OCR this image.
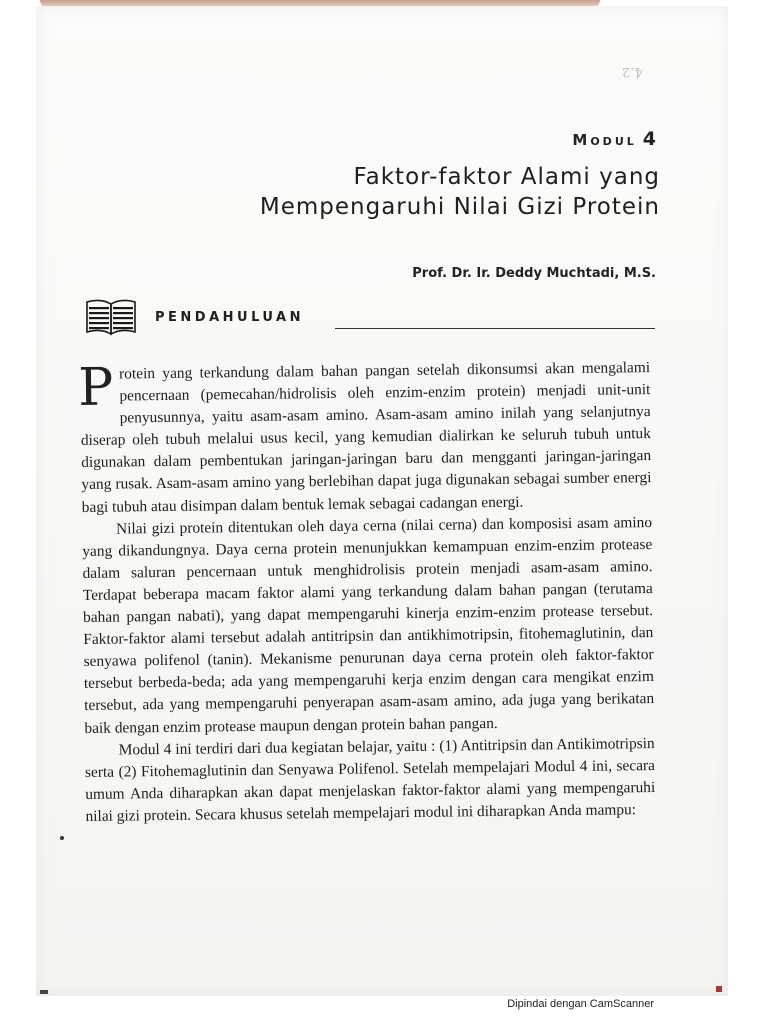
4.2
Modul 4
Faktor-faktor Alami yang
Mempengaruhi Nilai Gizi Protein
Prof. Dr. Ir. Deddy Muchtadi, M.S.
PENDAHULUAN

Protein yang terkandung dalam bahan pangan setelah dikonsumsi akan mengalami pencernaan (pemecahan/hidrolisis oleh enzim-enzim protein) menjadi unit-unit penyusunnya, yaitu asam-asam amino. Asam-asam amino inilah yang selanjutnya diserap oleh tubuh melalui usus kecil, yang kemudian dialirkan ke seluruh tubuh untuk digunakan dalam pembentukan jaringan-jaringan baru dan mengganti jaringan-jaringan yang rusak. Asam-asam amino yang berlebihan dapat juga digunakan sebagai sumber energi bagi tubuh atau disimpan dalam bentuk lemak sebagai cadangan energi.

Nilai gizi protein ditentukan oleh daya cerna (nilai cerna) dan komposisi asam amino yang dikandungnya. Daya cerna protein menunjukkan kemampuan enzim-enzim protease dalam saluran pencernaan untuk menghidrolisis protein menjadi asam-asam amino. Terdapat beberapa macam faktor alami yang terkandung dalam bahan pangan (terutama bahan pangan nabati), yang dapat mempengaruhi kinerja enzim-enzim protease tersebut. Faktor-faktor alami tersebut adalah antitripsin dan antikhimotripsin, fitohemaglutinin, dan senyawa polifenol (tanin). Mekanisme penurunan daya cerna protein oleh faktor-faktor tersebut berbeda-beda; ada yang mempengaruhi kerja enzim dengan cara mengikat enzim tersebut, ada yang mempengaruhi penyerapan asam-asam amino, ada juga yang berikatan baik dengan enzim protease maupun dengan protein bahan pangan.

Modul 4 ini terdiri dari dua kegiatan belajar, yaitu : (1) Antitripsin dan Antikimotripsin serta (2) Fitohemaglutinin dan Senyawa Polifenol. Setelah mempelajari Modul 4 ini, secara umum Anda diharapkan akan dapat menjelaskan faktor-faktor alami yang mempengaruhi nilai gizi protein. Secara khusus setelah mempelajari modul ini diharapkan Anda mampu:

Dipindai dengan CamScanner
